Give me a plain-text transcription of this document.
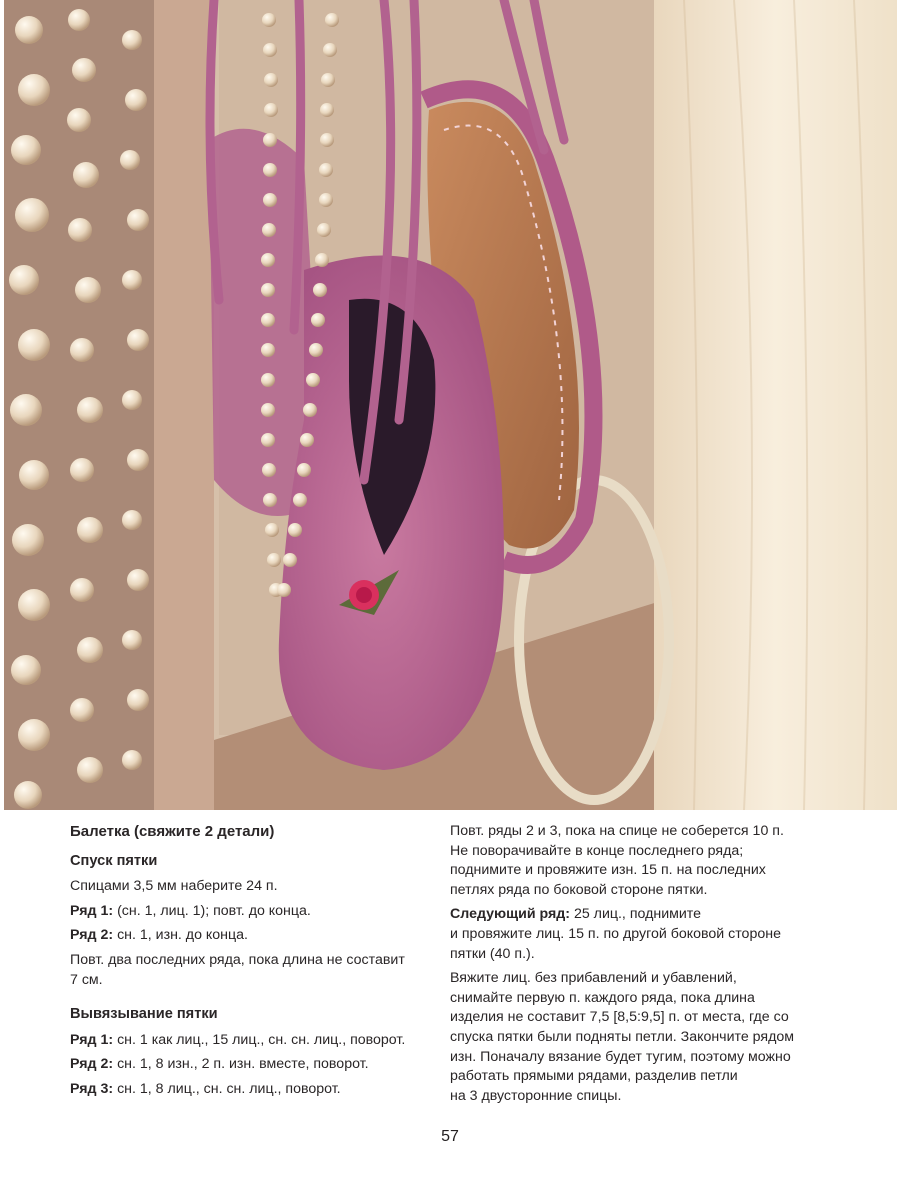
Балетка (свяжите 2 детали)
Спуск пятки
Спицами 3,5 мм наберите 24 п.
Ряд 1: (сн. 1, лиц. 1); повт. до конца.
Ряд 2: сн. 1, изн. до конца.
Повт. два последних ряда, пока длина не составит
7 см.
Вывязывание пятки
Ряд 1: сн. 1 как лиц., 15 лиц., сн. сн. лиц., поворот.
Ряд 2: сн. 1, 8 изн., 2 п. изн. вместе, поворот.
Ряд 3: сн. 1, 8 лиц., сн. сн. лиц., поворот.
Повт. ряды 2 и 3, пока на спице не соберется 10 п.
Не поворачивайте в конце последнего ряда;
поднимите и провяжите изн. 15 п. на последних
петлях ряда по боковой стороне пятки.
Следующий ряд: 25 лиц., поднимите
и провяжите лиц. 15 п. по другой боковой стороне
пятки (40 п.).
Вяжите лиц. без прибавлений и убавлений,
снимайте первую п. каждого ряда, пока длина
изделия не составит 7,5 [8,5:9,5] п. от места, где со
спуска пятки были подняты петли. Закончите рядом
изн. Поначалу вязание будет тугим, поэтому можно
работать прямыми рядами, разделив петли
на 3 двусторонние спицы.
57
